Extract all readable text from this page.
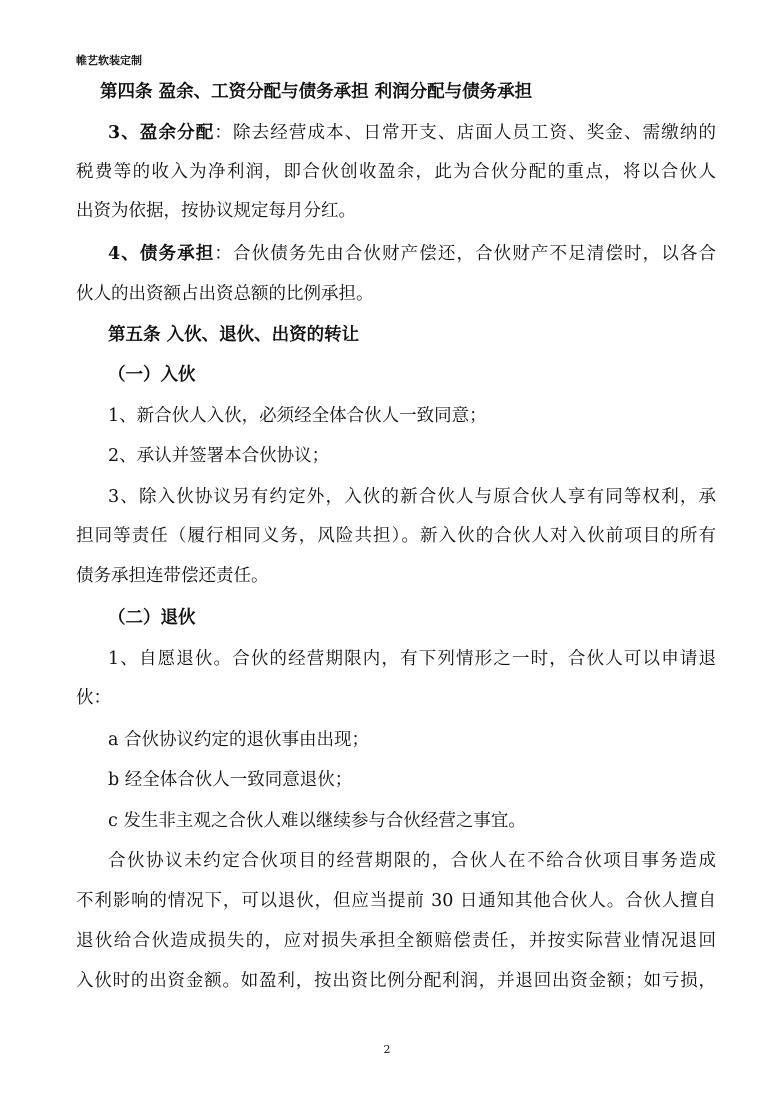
帷艺软装定制
第四条 盈余、工资分配与债务承担 利润分配与债务承担
3、盈余分配：除去经营成本、日常开支、店面人员工资、奖金、需缴纳的
税费等的收入为净利润，即合伙创收盈余，此为合伙分配的重点，将以合伙人
出资为依据，按协议规定每月分红。
4、债务承担：合伙债务先由合伙财产偿还，合伙财产不足清偿时，以各合
伙人的出资额占出资总额的比例承担。
第五条 入伙、退伙、出资的转让
（一）入伙
1、新合伙人入伙，必须经全体合伙人一致同意；
2、承认并签署本合伙协议；
3、除入伙协议另有约定外，入伙的新合伙人与原合伙人享有同等权利，承
担同等责任（履行相同义务，风险共担）。新入伙的合伙人对入伙前项目的所有
债务承担连带偿还责任。
（二）退伙
1、自愿退伙。合伙的经营期限内，有下列情形之一时，合伙人可以申请退
伙：
a 合伙协议约定的退伙事由出现；
b 经全体合伙人一致同意退伙；
c 发生非主观之合伙人难以继续参与合伙经营之事宜。
合伙协议未约定合伙项目的经营期限的，合伙人在不给合伙项目事务造成
不利影响的情况下，可以退伙，但应当提前 30 日通知其他合伙人。合伙人擅自
退伙给合伙造成损失的，应对损失承担全额赔偿责任，并按实际营业情况退回
入伙时的出资金额。如盈利，按出资比例分配利润，并退回出资金额；如亏损，
2
